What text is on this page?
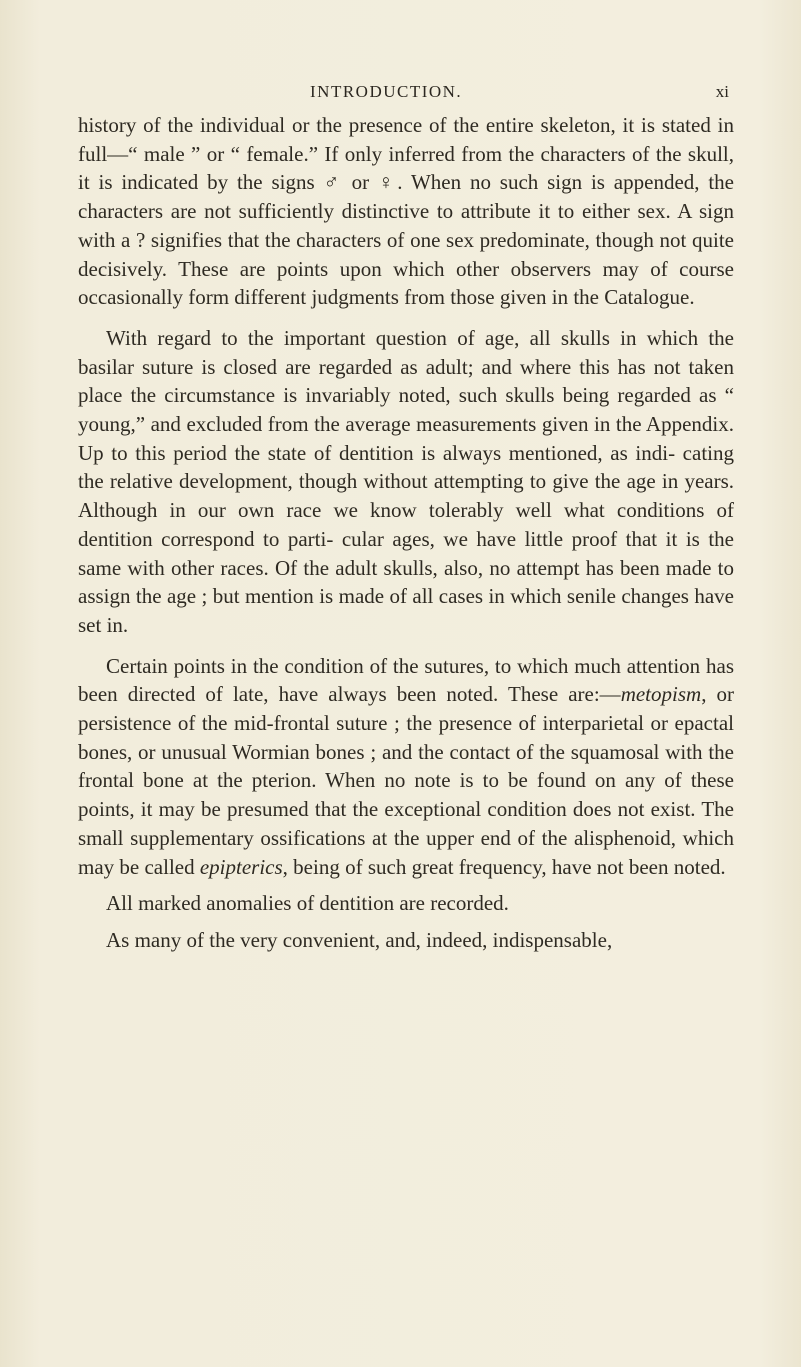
INTRODUCTION.	xi

history of the individual or the presence of the entire skeleton, it is stated in full—“ male ” or “ female.” If only inferred from the characters of the skull, it is indicated by the signs ♂ or ♀. When no such sign is appended, the characters are not sufficiently distinctive to attribute it to either sex. A sign with a ? signifies that the characters of one sex predominate, though not quite decisively. These are points upon which other observers may of course occasionally form different judgments from those given in the Catalogue.

With regard to the important question of age, all skulls in which the basilar suture is closed are regarded as adult; and where this has not taken place the circumstance is invariably noted, such skulls being regarded as “ young,” and excluded from the average measurements given in the Appendix. Up to this period the state of dentition is always mentioned, as indi- cating the relative development, though without attempting to give the age in years. Although in our own race we know tolerably well what conditions of dentition correspond to parti- cular ages, we have little proof that it is the same with other races. Of the adult skulls, also, no attempt has been made to assign the age ; but mention is made of all cases in which senile changes have set in.

Certain points in the condition of the sutures, to which much attention has been directed of late, have always been noted. These are:—metopism, or persistence of the mid-frontal suture ; the presence of interparietal or epactal bones, or unusual Wormian bones ; and the contact of the squamosal with the frontal bone at the pterion. When no note is to be found on any of these points, it may be presumed that the exceptional condition does not exist. The small supplementary ossifications at the upper end of the alisphenoid, which may be called epipterics, being of such great frequency, have not been noted.

All marked anomalies of dentition are recorded.

As many of the very convenient, and, indeed, indispensable,
